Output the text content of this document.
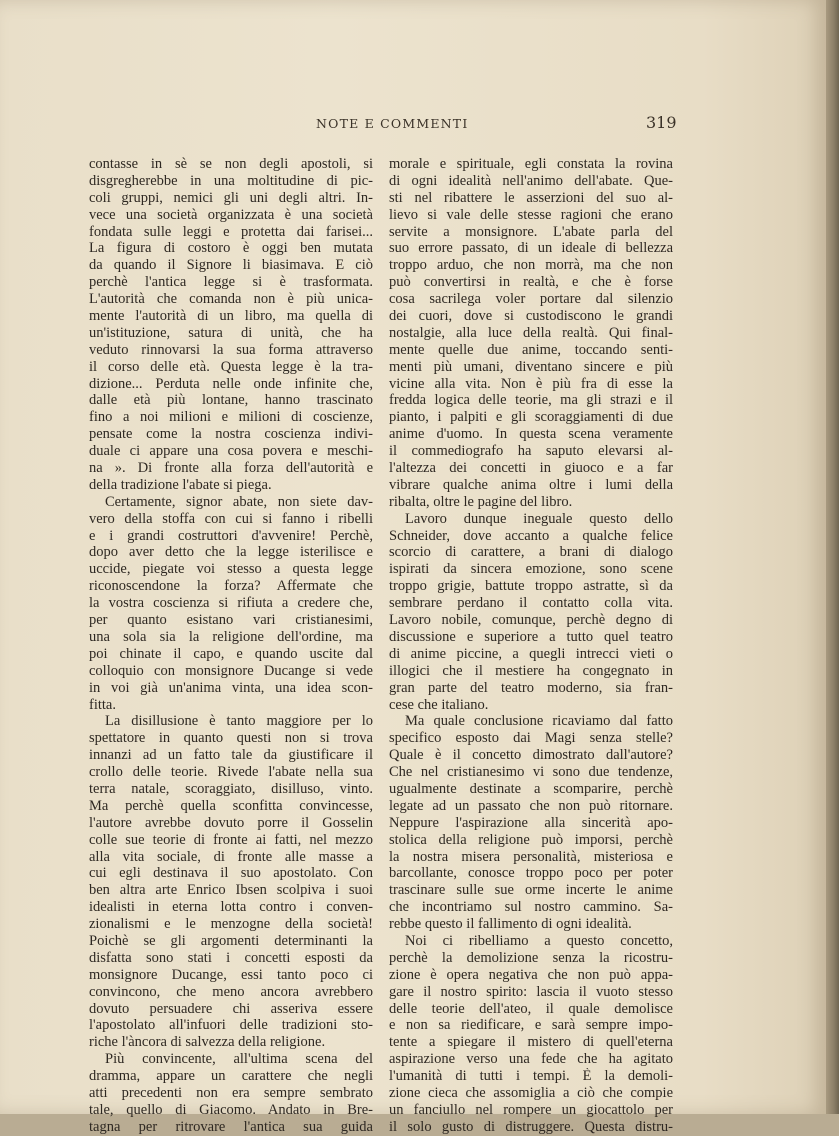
NOTE E COMMENTI	319
contasse in sè se non degli apostoli, si
disgregherebbe in una moltitudine di pic-
coli gruppi, nemici gli uni degli altri. In-
vece una società organizzata è una società
fondata sulle leggi e protetta dai farisei...
La figura di costoro è oggi ben mutata
da quando il Signore li biasimava. E ciò
perchè l'antica legge si è trasformata.
L'autorità che comanda non è più unica-
mente l'autorità di un libro, ma quella di
un'istituzione, satura di unità, che ha
veduto rinnovarsi la sua forma attraverso
il corso delle età. Questa legge è la tra-
dizione... Perduta nelle onde infinite che,
dalle età più lontane, hanno trascinato
fino a noi milioni e milioni di coscienze,
pensate come la nostra coscienza indivi-
duale ci appare una cosa povera e meschi-
na ». Di fronte alla forza dell'autorità e
della tradizione l'abate si piega.
Certamente, signor abate, non siete dav-
vero della stoffa con cui si fanno i ribelli
e i grandi costruttori d'avvenire! Perchè,
dopo aver detto che la legge isterilisce e
uccide, piegate voi stesso a questa legge
riconoscendone la forza? Affermate che
la vostra coscienza si rifiuta a credere che,
per quanto esistano vari cristianesimi,
una sola sia la religione dell'ordine, ma
poi chinate il capo, e quando uscite dal
colloquio con monsignore Ducange si vede
in voi già un'anima vinta, una idea scon-
fitta.
La disillusione è tanto maggiore per lo
spettatore in quanto questi non si trova
innanzi ad un fatto tale da giustificare il
crollo delle teorie. Rivede l'abate nella sua
terra natale, scoraggiato, disilluso, vinto.
Ma perchè quella sconfitta convincesse,
l'autore avrebbe dovuto porre il Gosselin
colle sue teorie di fronte ai fatti, nel mezzo
alla vita sociale, di fronte alle masse a
cui egli destinava il suo apostolato. Con
ben altra arte Enrico Ibsen scolpiva i suoi
idealisti in eterna lotta contro i conven-
zionalismi e le menzogne della società!
Poichè se gli argomenti determinanti la
disfatta sono stati i concetti esposti da
monsignore Ducange, essi tanto poco ci
convincono, che meno ancora avrebbero
dovuto persuadere chi asseriva essere
l'apostolato all'infuori delle tradizioni sto-
riche l'àncora di salvezza della religione.
Più convincente, all'ultima scena del
dramma, appare un carattere che negli
atti precedenti non era sempre sembrato
tale, quello di Giacomo. Andato in Bre-
tagna per ritrovare l'antica sua guida
morale e spirituale, egli constata la rovina
di ogni idealità nell'animo dell'abate. Que-
sti nel ribattere le asserzioni del suo al-
lievo si vale delle stesse ragioni che erano
servite a monsignore. L'abate parla del
suo errore passato, di un ideale di bellezza
troppo arduo, che non morrà, ma che non
può convertirsi in realtà, e che è forse
cosa sacrilega voler portare dal silenzio
dei cuori, dove si custodiscono le grandi
nostalgie, alla luce della realtà. Qui final-
mente quelle due anime, toccando senti-
menti più umani, diventano sincere e più
vicine alla vita. Non è più fra di esse la
fredda logica delle teorie, ma gli strazi e il
pianto, i palpiti e gli scoraggiamenti di due
anime d'uomo. In questa scena veramente
il commediografo ha saputo elevarsi al-
l'altezza dei concetti in giuoco e a far
vibrare qualche anima oltre i lumi della
ribalta, oltre le pagine del libro.
Lavoro dunque ineguale questo dello
Schneider, dove accanto a qualche felice
scorcio di carattere, a brani di dialogo
ispirati da sincera emozione, sono scene
troppo grigie, battute troppo astratte, sì da
sembrare perdano il contatto colla vita.
Lavoro nobile, comunque, perchè degno di
discussione e superiore a tutto quel teatro
di anime piccine, a quegli intrecci vieti o
illogici che il mestiere ha congegnato in
gran parte del teatro moderno, sia fran-
cese che italiano.
Ma quale conclusione ricaviamo dal fatto
specifico esposto dai Magi senza stelle?
Quale è il concetto dimostrato dall'autore?
Che nel cristianesimo vi sono due tendenze,
ugualmente destinate a scomparire, perchè
legate ad un passato che non può ritornare.
Neppure l'aspirazione alla sincerità apo-
stolica della religione può imporsi, perchè
la nostra misera personalità, misteriosa e
barcollante, conosce troppo poco per poter
trascinare sulle sue orme incerte le anime
che incontriamo sul nostro cammino. Sa-
rebbe questo il fallimento di ogni idealità.
Noi ci ribelliamo a questo concetto,
perchè la demolizione senza la ricostru-
zione è opera negativa che non può appa-
gare il nostro spirito: lascia il vuoto stesso
delle teorie dell'ateo, il quale demolisce
e non sa riedificare, e sarà sempre impo-
tente a spiegare il mistero di quell'eterna
aspirazione verso una fede che ha agitato
l'umanità di tutti i tempi. È la demoli-
zione cieca che assomiglia a ciò che compie
un fanciullo nel rompere un giocattolo per
il solo gusto di distruggere. Questa distru-
